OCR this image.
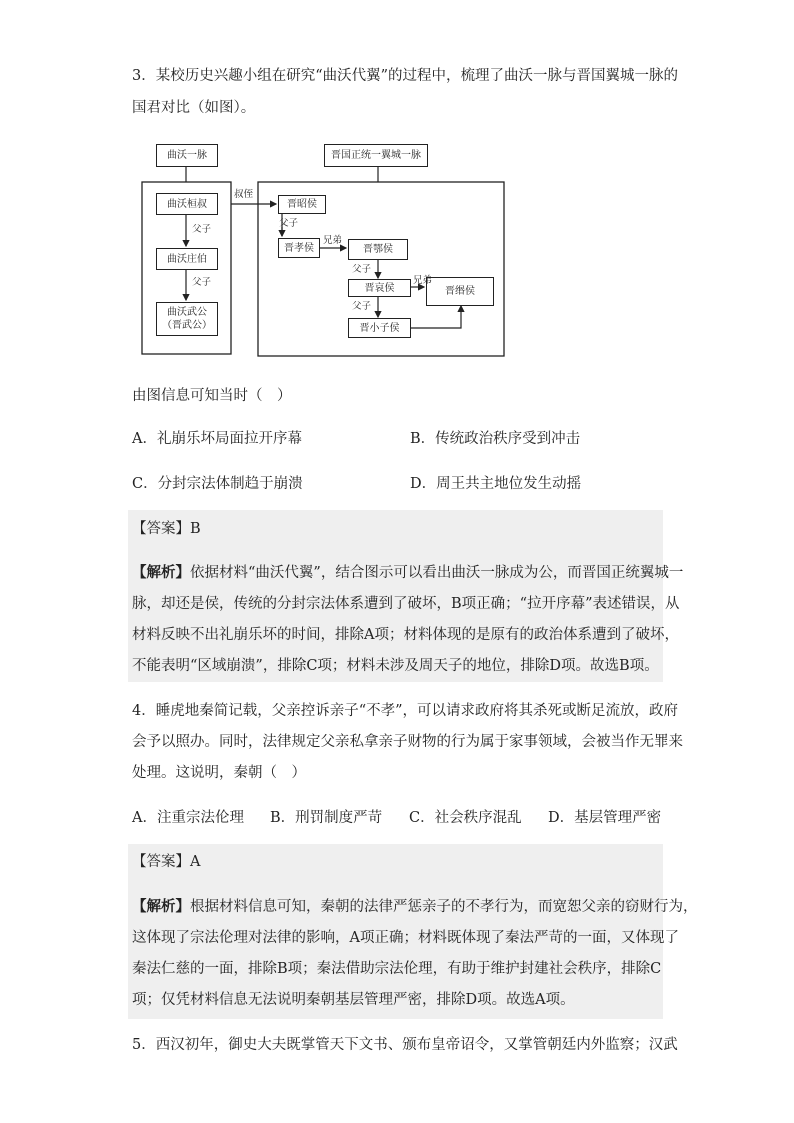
3．某校历史兴趣小组在研究“曲沃代翼”的过程中，梳理了曲沃一脉与晋国翼城一脉的
国君对比（如图）。
曲沃一脉	晋国正统一翼城一脉
曲沃桓叔
曲沃庄伯
曲沃武公
（晋武公）
晋昭侯
晋孝侯	晋鄂侯
晋哀侯	晋缗侯
晋小子侯
叔侄
父子
父子
父子
兄弟
父子
父子
兄弟
由图信息可知当时（　）
A．礼崩乐坏局面拉开序幕	B．传统政治秩序受到冲击
C．分封宗法体制趋于崩溃	D．周王共主地位发生动摇
【答案】B
【解析】依据材料“曲沃代翼”，结合图示可以看出曲沃一脉成为公，而晋国正统翼城一
脉，却还是侯，传统的分封宗法体系遭到了破坏，B项正确；“拉开序幕”表述错误，从
材料反映不出礼崩乐坏的时间，排除A项；材料体现的是原有的政治体系遭到了破坏，
不能表明“区域崩溃”，排除C项；材料未涉及周天子的地位，排除D项。故选B项。
4．睡虎地秦简记载，父亲控诉亲子“不孝”，可以请求政府将其杀死或断足流放，政府
会予以照办。同时，法律规定父亲私拿亲子财物的行为属于家事领域，会被当作无罪来
处理。这说明，秦朝（　）
A．注重宗法伦理 B．刑罚制度严苛 C．社会秩序混乱 D．基层管理严密
【答案】A
【解析】根据材料信息可知，秦朝的法律严惩亲子的不孝行为，而宽恕父亲的窃财行为，
这体现了宗法伦理对法律的影响，A项正确；材料既体现了秦法严苛的一面，又体现了
秦法仁慈的一面，排除B项；秦法借助宗法伦理，有助于维护封建社会秩序，排除C
项；仅凭材料信息无法说明秦朝基层管理严密，排除D项。故选A项。
5．西汉初年，御史大夫既掌管天下文书、颁布皇帝诏令，又掌管朝廷内外监察；汉武
